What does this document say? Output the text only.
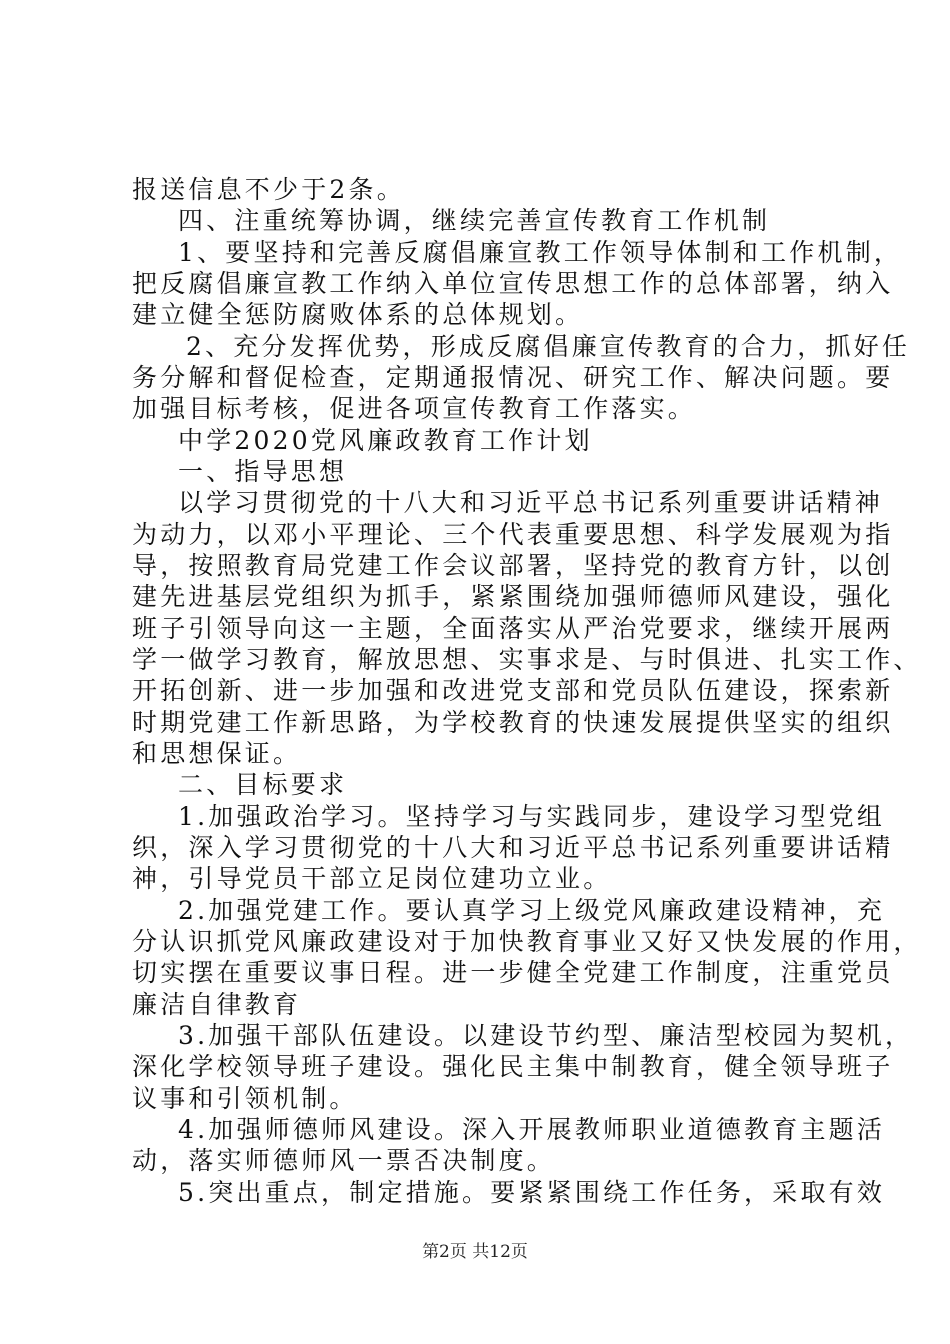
报送信息不少于2条。
四、注重统筹协调，继续完善宣传教育工作机制
1、要坚持和完善反腐倡廉宣教工作领导体制和工作机制，
把反腐倡廉宣教工作纳入单位宣传思想工作的总体部署，纳入
建立健全惩防腐败体系的总体规划。
2、充分发挥优势，形成反腐倡廉宣传教育的合力，抓好任
务分解和督促检查，定期通报情况、研究工作、解决问题。要
加强目标考核，促进各项宣传教育工作落实。
中学2020党风廉政教育工作计划
一、指导思想
以学习贯彻党的十八大和习近平总书记系列重要讲话精神
为动力，以邓小平理论、三个代表重要思想、科学发展观为指
导，按照教育局党建工作会议部署，坚持党的教育方针，以创
建先进基层党组织为抓手，紧紧围绕加强师德师风建设，强化
班子引领导向这一主题，全面落实从严治党要求，继续开展两
学一做学习教育，解放思想、实事求是、与时俱进、扎实工作、
开拓创新、进一步加强和改进党支部和党员队伍建设，探索新
时期党建工作新思路，为学校教育的快速发展提供坚实的组织
和思想保证。
二、目标要求
1.加强政治学习。坚持学习与实践同步，建设学习型党组
织，深入学习贯彻党的十八大和习近平总书记系列重要讲话精
神，引导党员干部立足岗位建功立业。
2.加强党建工作。要认真学习上级党风廉政建设精神，充
分认识抓党风廉政建设对于加快教育事业又好又快发展的作用，
切实摆在重要议事日程。进一步健全党建工作制度，注重党员
廉洁自律教育
3.加强干部队伍建设。以建设节约型、廉洁型校园为契机，
深化学校领导班子建设。强化民主集中制教育，健全领导班子
议事和引领机制。
4.加强师德师风建设。深入开展教师职业道德教育主题活
动，落实师德师风一票否决制度。
5.突出重点，制定措施。要紧紧围绕工作任务，采取有效
第2页 共12页
